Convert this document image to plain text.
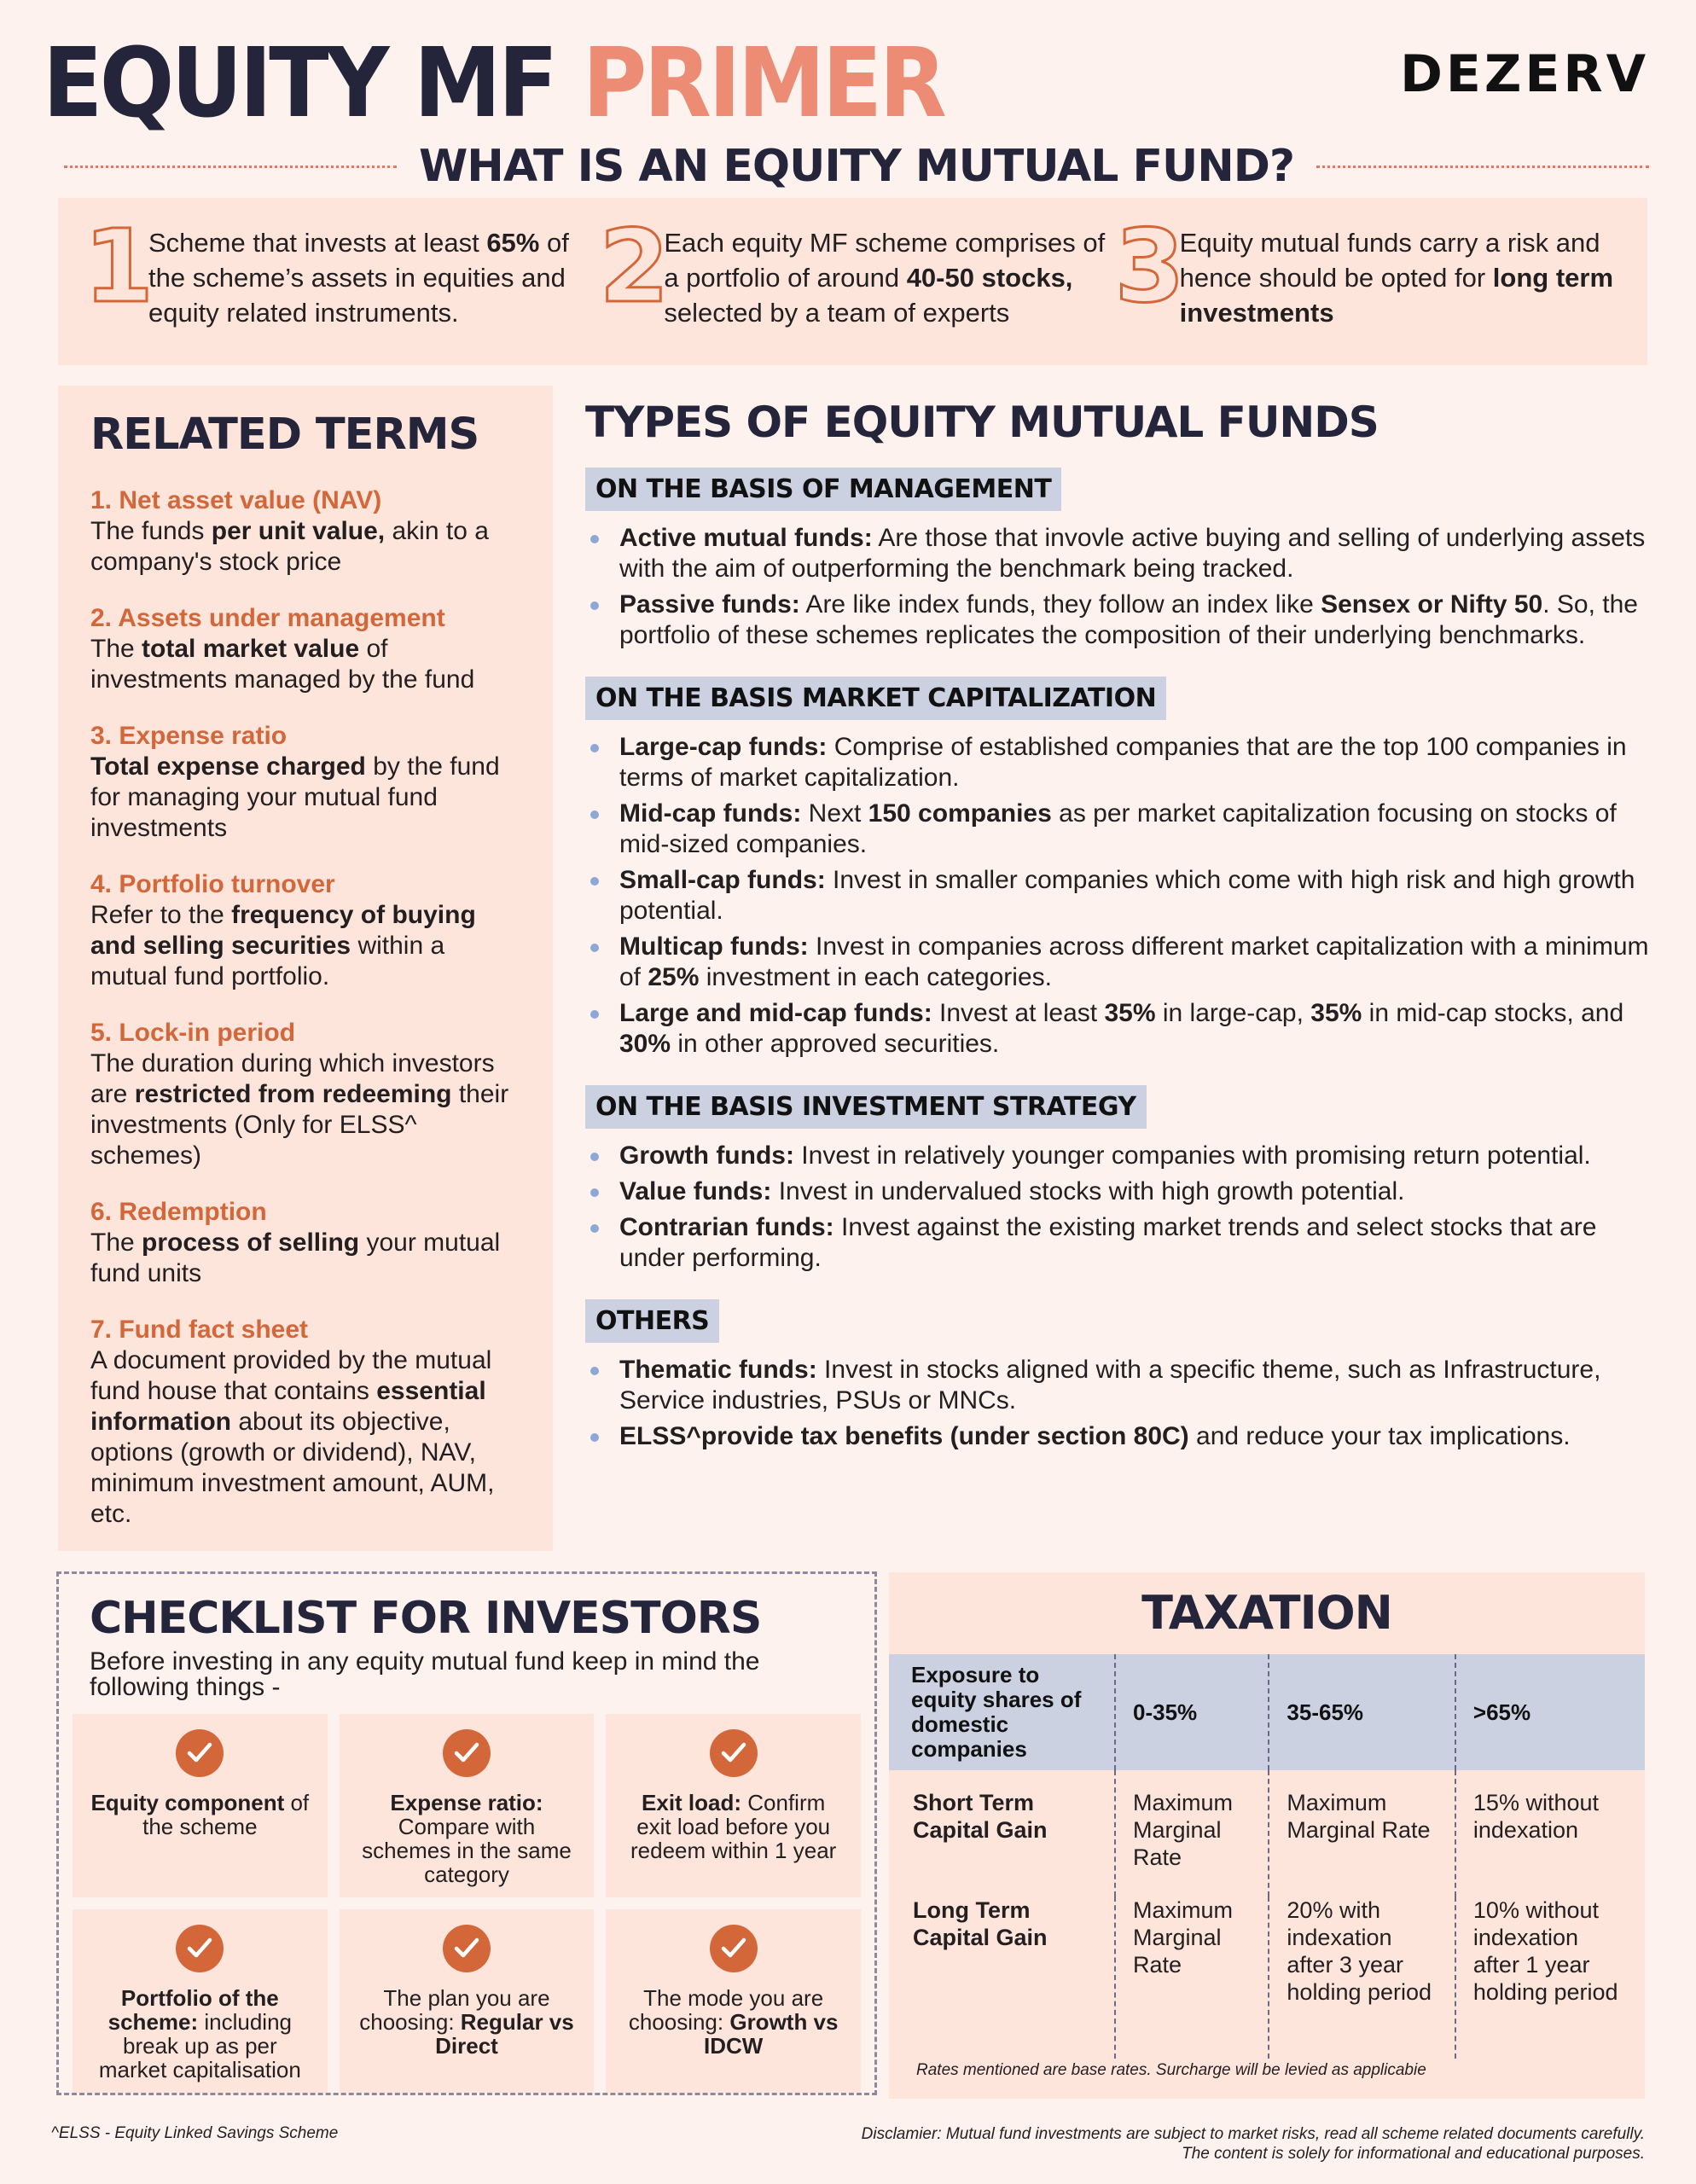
EQUITY MF PRIMER	DEZERV
WHAT IS AN EQUITY MUTUAL FUND?
1
Scheme that invests at least 65% of the scheme’s assets in equities and equity related instruments.	2
Each equity MF scheme comprises of a portfolio of around 40-50 stocks, selected by a team of experts	3
Equity mutual funds carry a risk and hence should be opted for long term investments
RELATED TERMS
1. Net asset value (NAV)
The funds per unit value, akin to a company's stock price
2. Assets under management
The total market value of investments managed by the fund
3. Expense ratio
Total expense charged by the fund for managing your mutual fund investments
4. Portfolio turnover
Refer to the frequency of buying and selling securities within a mutual fund portfolio.
5. Lock-in period
The duration during which investors are restricted from redeeming their investments (Only for ELSS^ schemes)
6. Redemption
The process of selling your mutual fund units
7. Fund fact sheet
A document provided by the mutual fund house that contains essential information about its objective, options (growth or dividend), NAV, minimum investment amount, AUM, etc.
TYPES OF EQUITY MUTUAL FUNDS
ON THE BASIS OF MANAGEMENT
Active mutual funds: Are those that invovle active buying and selling of underlying assets with the aim of outperforming the benchmark being tracked.
Passive funds: Are like index funds, they follow an index like Sensex or Nifty 50. So, the portfolio of these schemes replicates the composition of their underlying benchmarks.
ON THE BASIS MARKET CAPITALIZATION
Large-cap funds: Comprise of established companies that are the top 100 companies in terms of market capitalization.
Mid-cap funds: Next 150 companies as per market capitalization focusing on stocks of mid-sized companies.
Small-cap funds: Invest in smaller companies which come with high risk and high growth potential.
Multicap funds: Invest in companies across different market capitalization with a minimum of 25% investment in each categories.
Large and mid-cap funds: Invest at least 35% in large-cap, 35% in mid-cap stocks, and 30% in other approved securities.
ON THE BASIS INVESTMENT STRATEGY
Growth funds: Invest in relatively younger companies with promising return potential.
Value funds: Invest in undervalued stocks with high growth potential.
Contrarian funds: Invest against the existing market trends and select stocks that are under performing.
OTHERS
Thematic funds: Invest in stocks aligned with a specific theme, such as Infrastructure, Service industries, PSUs or MNCs.
ELSS^provide tax benefits (under section 80C) and reduce your tax implications.
CHECKLIST FOR INVESTORS
Before investing in any equity mutual fund keep in mind the following things -
Equity component of the scheme
Expense ratio: Compare with schemes in the same category
Exit load: Confirm exit load before you redeem within 1 year
Portfolio of the scheme: including break up as per market capitalisation
The plan you are choosing: Regular vs Direct
The mode you are choosing: Growth vs IDCW
TAXATION
Exposure to equity shares of domestic companies	0-35%	35-65%	>65%
Short Term Capital Gain	Maximum Marginal Rate	Maximum Marginal Rate	15% without indexation
Long Term Capital Gain	Maximum Marginal Rate	20% with indexation after 3 year holding period	10% without indexation after 1 year holding period
Rates mentioned are base rates. Surcharge will be levied as applicabie
^ELSS - Equity Linked Savings Scheme	Disclamier: Mutual fund investments are subject to market risks, read all scheme related documents carefully.
The content is solely for informational and educational purposes.
